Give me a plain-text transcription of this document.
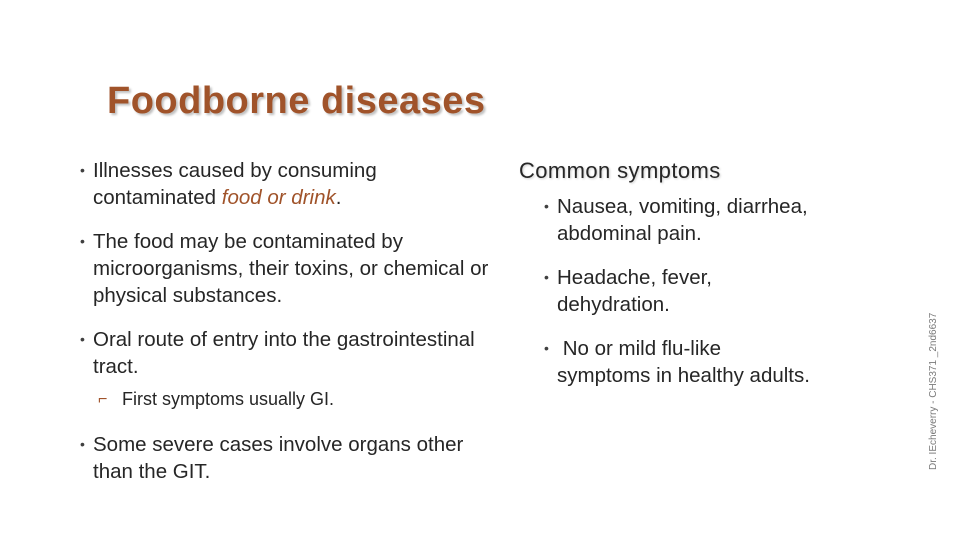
Foodborne diseases

• Illnesses caused by consuming contaminated food or drink.

• The food may be contaminated by microorganisms, their toxins, or chemical or physical substances.

• Oral route of entry into the gastrointestinal tract.

⌐ First symptoms usually GI.

• Some severe cases involve organs other than the GIT.

Common symptoms

• Nausea, vomiting, diarrhea, abdominal pain.

• Headache, fever, dehydration.

• No or mild flu-like symptoms in healthy adults.	Dr. IEcheverry - CHS371 _2nd6637
